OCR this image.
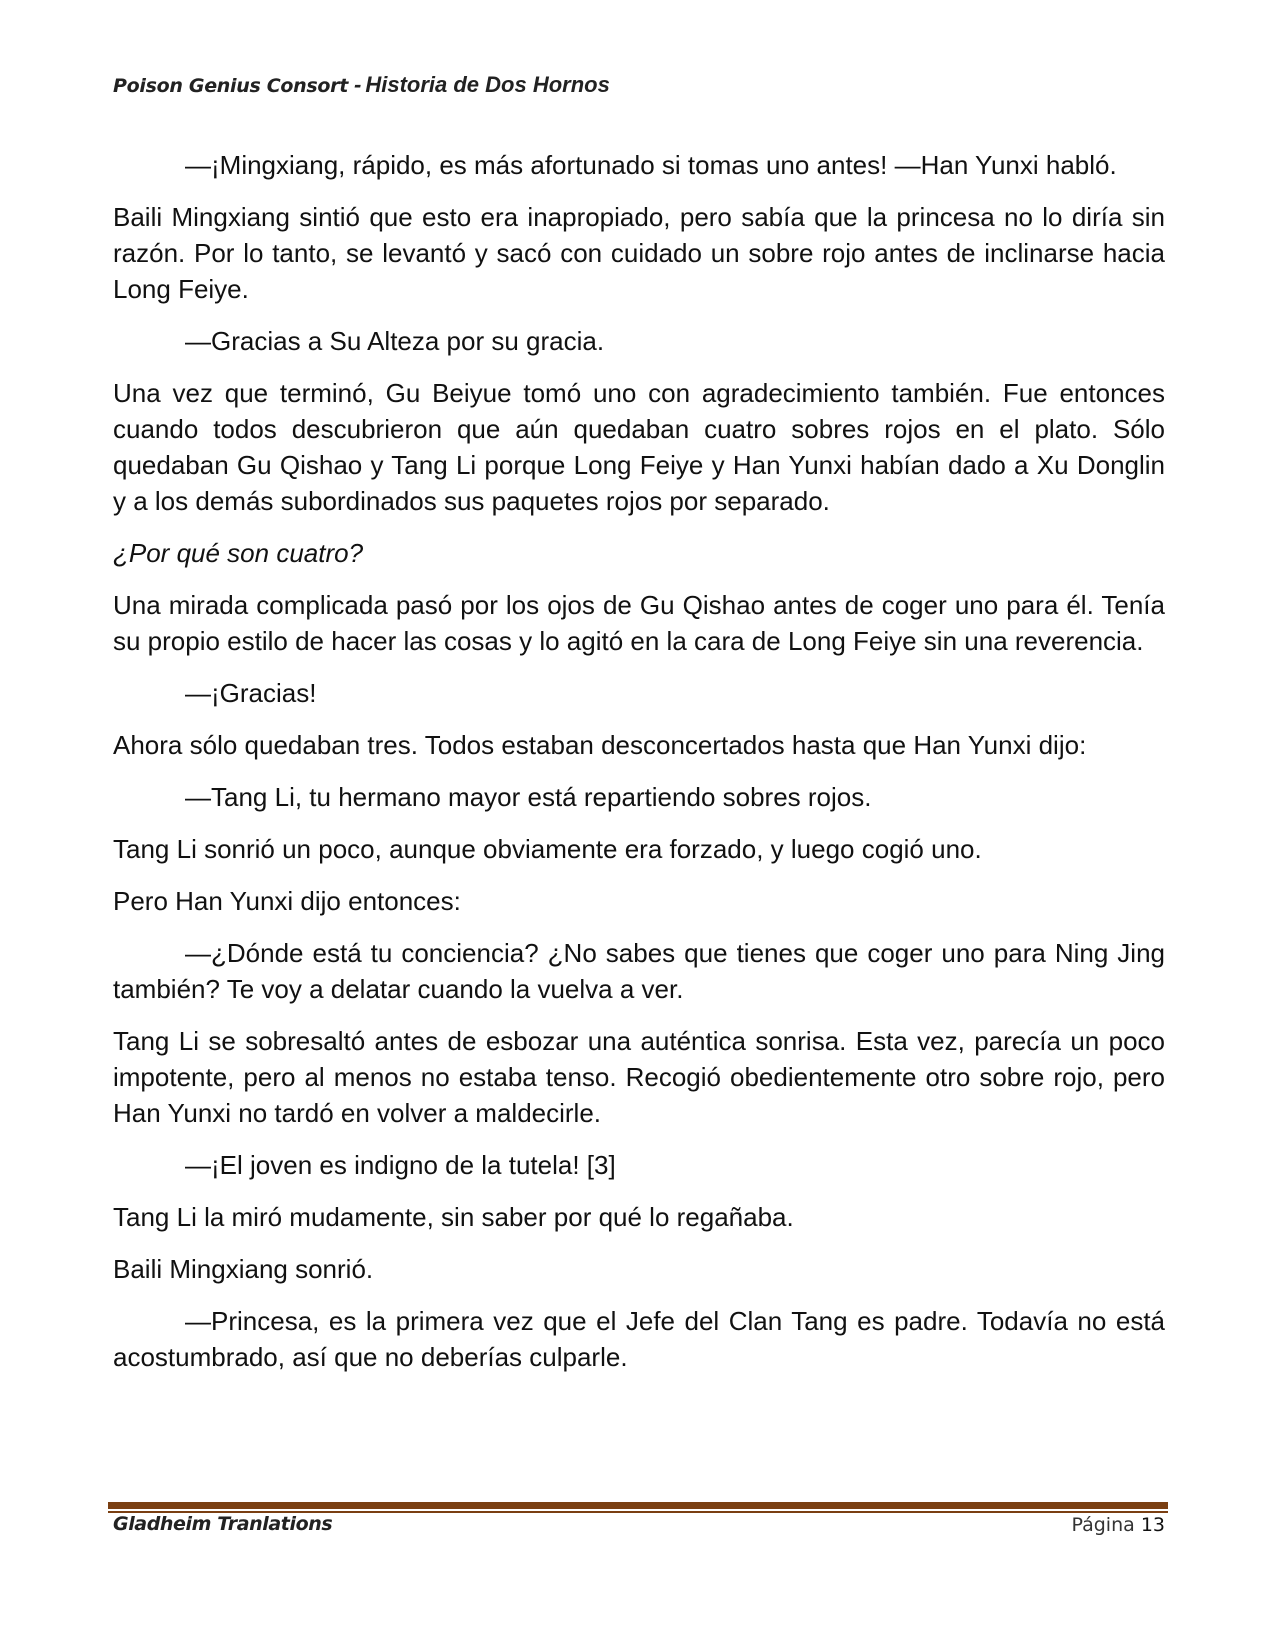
Poison Genius Consort - Historia de Dos Hornos

—¡Mingxiang, rápido, es más afortunado si tomas uno antes! —Han Yunxi habló.

Baili Mingxiang sintió que esto era inapropiado, pero sabía que la princesa no lo diría sin razón. Por lo tanto, se levantó y sacó con cuidado un sobre rojo antes de inclinarse hacia Long Feiye.

—Gracias a Su Alteza por su gracia.

Una vez que terminó, Gu Beiyue tomó uno con agradecimiento también. Fue entonces cuando todos descubrieron que aún quedaban cuatro sobres rojos en el plato. Sólo quedaban Gu Qishao y Tang Li porque Long Feiye y Han Yunxi habían dado a Xu Donglin y a los demás subordinados sus paquetes rojos por separado.

¿Por qué son cuatro?

Una mirada complicada pasó por los ojos de Gu Qishao antes de coger uno para él. Tenía su propio estilo de hacer las cosas y lo agitó en la cara de Long Feiye sin una reverencia.

—¡Gracias!

Ahora sólo quedaban tres. Todos estaban desconcertados hasta que Han Yunxi dijo:

—Tang Li, tu hermano mayor está repartiendo sobres rojos.

Tang Li sonrió un poco, aunque obviamente era forzado, y luego cogió uno.

Pero Han Yunxi dijo entonces:

—¿Dónde está tu conciencia? ¿No sabes que tienes que coger uno para Ning Jing también? Te voy a delatar cuando la vuelva a ver.

Tang Li se sobresaltó antes de esbozar una auténtica sonrisa. Esta vez, parecía un poco impotente, pero al menos no estaba tenso. Recogió obedientemente otro sobre rojo, pero Han Yunxi no tardó en volver a maldecirle.

—¡El joven es indigno de la tutela! [3]

Tang Li la miró mudamente, sin saber por qué lo regañaba.

Baili Mingxiang sonrió.

—Princesa, es la primera vez que el Jefe del Clan Tang es padre. Todavía no está acostumbrado, así que no deberías culparle.

Gladheim Tranlations	Página 13
